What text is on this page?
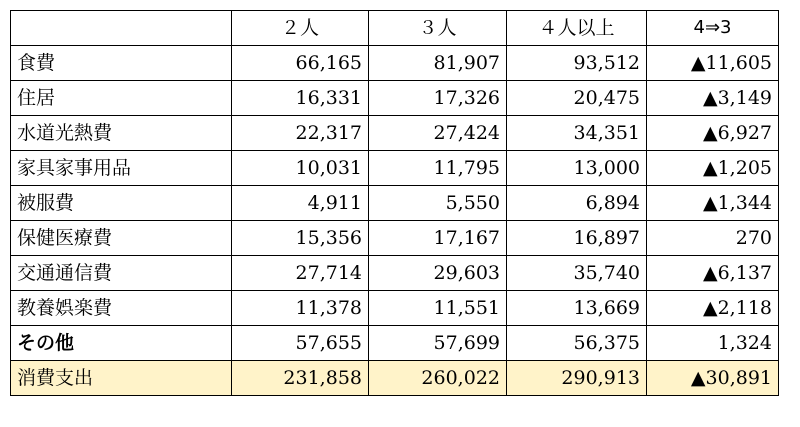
	２人	３人	４人以上	4⇒3
食費	66,165	81,907	93,512	▲11,605
住居	16,331	17,326	20,475	▲3,149
水道光熱費	22,317	27,424	34,351	▲6,927
家具家事用品	10,031	11,795	13,000	▲1,205
被服費	4,911	5,550	6,894	▲1,344
保健医療費	15,356	17,167	16,897	270
交通通信費	27,714	29,603	35,740	▲6,137
教養娯楽費	11,378	11,551	13,669	▲2,118
その他	57,655	57,699	56,375	1,324
消費支出	231,858	260,022	290,913	▲30,891
